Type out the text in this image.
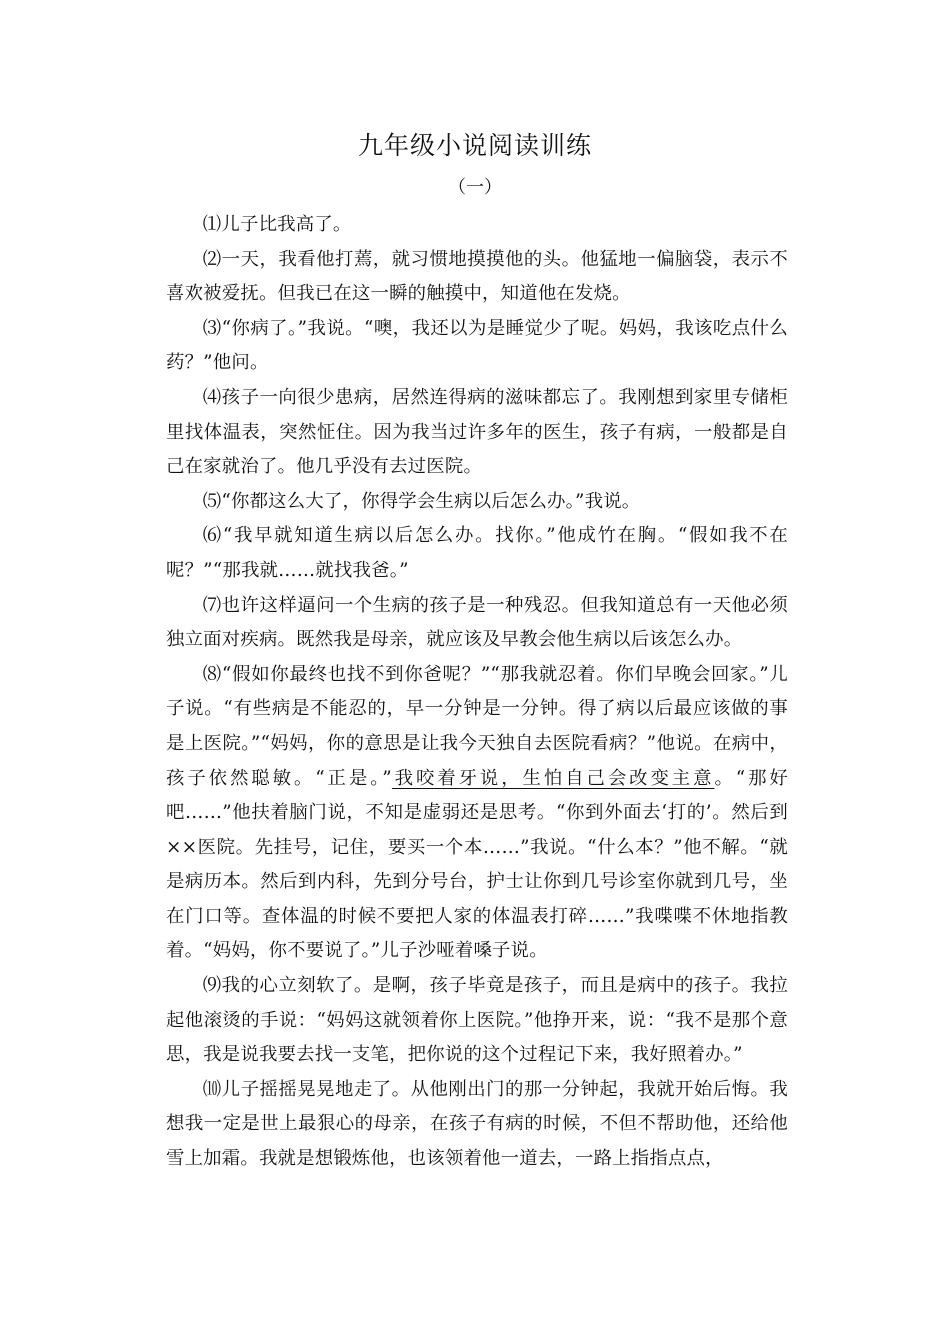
九年级小说阅读训练
（一）

⑴儿子比我高了。

⑵一天，我看他打蔫，就习惯地摸摸他的头。他猛地一偏脑袋，表示不喜欢被爱抚。但我已在这一瞬的触摸中，知道他在发烧。

⑶“你病了。”我说。“噢，我还以为是睡觉少了呢。妈妈，我该吃点什么药？”他问。

⑷孩子一向很少患病，居然连得病的滋味都忘了。我刚想到家里专储柜里找体温表，突然怔住。因为我当过许多年的医生，孩子有病，一般都是自己在家就治了。他几乎没有去过医院。

⑸“你都这么大了，你得学会生病以后怎么办。”我说。

⑹“我早就知道生病以后怎么办。找你。”他成竹在胸。“假如我不在呢？”“那我就……就找我爸。”

⑺也许这样逼问一个生病的孩子是一种残忍。但我知道总有一天他必须独立面对疾病。既然我是母亲，就应该及早教会他生病以后该怎么办。

⑻“假如你最终也找不到你爸呢？”“那我就忍着。你们早晚会回家。”儿子说。“有些病是不能忍的，早一分钟是一分钟。得了病以后最应该做的事是上医院。”“妈妈，你的意思是让我今天独自去医院看病？”他说。在病中，孩子依然聪敏。“正是。”我咬着牙说，生怕自己会改变主意。“那好吧……”他扶着脑门说，不知是虚弱还是思考。“你到外面去‘打的’。然后到××医院。先挂号，记住，要买一个本……”我说。“什么本？”他不解。“就是病历本。然后到内科，先到分号台，护士让你到几号诊室你就到几号，坐在门口等。查体温的时候不要把人家的体温表打碎……”我喋喋不休地指教着。“妈妈，你不要说了。”儿子沙哑着嗓子说。

⑼我的心立刻软了。是啊，孩子毕竟是孩子，而且是病中的孩子。我拉起他滚烫的手说：“妈妈这就领着你上医院。”他挣开来，说：“我不是那个意思，我是说我要去找一支笔，把你说的这个过程记下来，我好照着办。”

⑽儿子摇摇晃晃地走了。从他刚出门的那一分钟起，我就开始后悔。我想我一定是世上最狠心的母亲，在孩子有病的时候，不但不帮助他，还给他雪上加霜。我就是想锻炼他，也该领着他一道去，一路上指指点点，
